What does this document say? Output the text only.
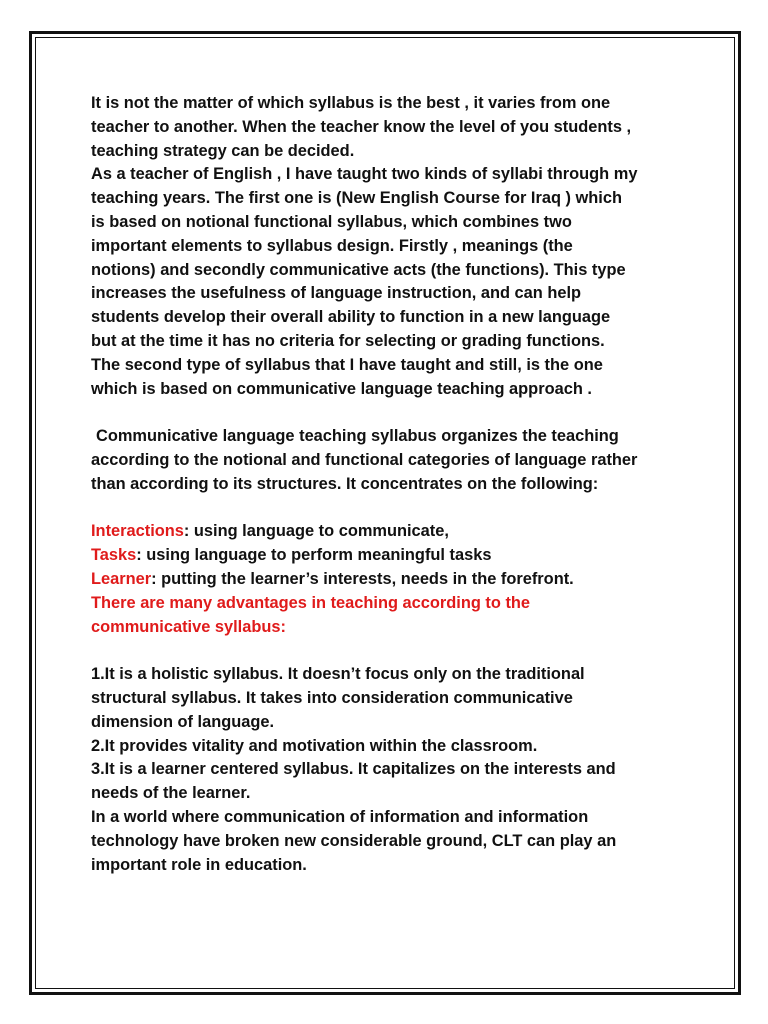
It is not the matter of which syllabus is the best , it varies from one
teacher to another. When the teacher know the level of you students ,
teaching strategy can be decided.
As a teacher of English , I have taught two kinds of syllabi through my
teaching years. The first one is (New English Course for Iraq ) which
is based on notional functional syllabus, which combines two
important elements to syllabus design. Firstly , meanings (the
notions) and secondly communicative acts (the functions). This type
increases the usefulness of language instruction, and can help
students develop their overall ability to function in a new language
but at the time it has no criteria for selecting or grading functions.
The second type of syllabus that I have taught and still, is the one
which is based on communicative language teaching approach .
Communicative language teaching syllabus organizes the teaching
according to the notional and functional categories of language rather
than according to its structures. It concentrates on the following:
Interactions: using language to communicate,
Tasks: using language to perform meaningful tasks
Learner: putting the learner’s interests, needs in the forefront.
There are many advantages in teaching according to the
communicative syllabus:
1.It is a holistic syllabus. It doesn’t focus only on the traditional
structural syllabus. It takes into consideration communicative
dimension of language.
2.It provides vitality and motivation within the classroom.
3.It is a learner centered syllabus. It capitalizes on the interests and
needs of the learner.
In a world where communication of information and information
technology have broken new considerable ground, CLT can play an
important role in education.
